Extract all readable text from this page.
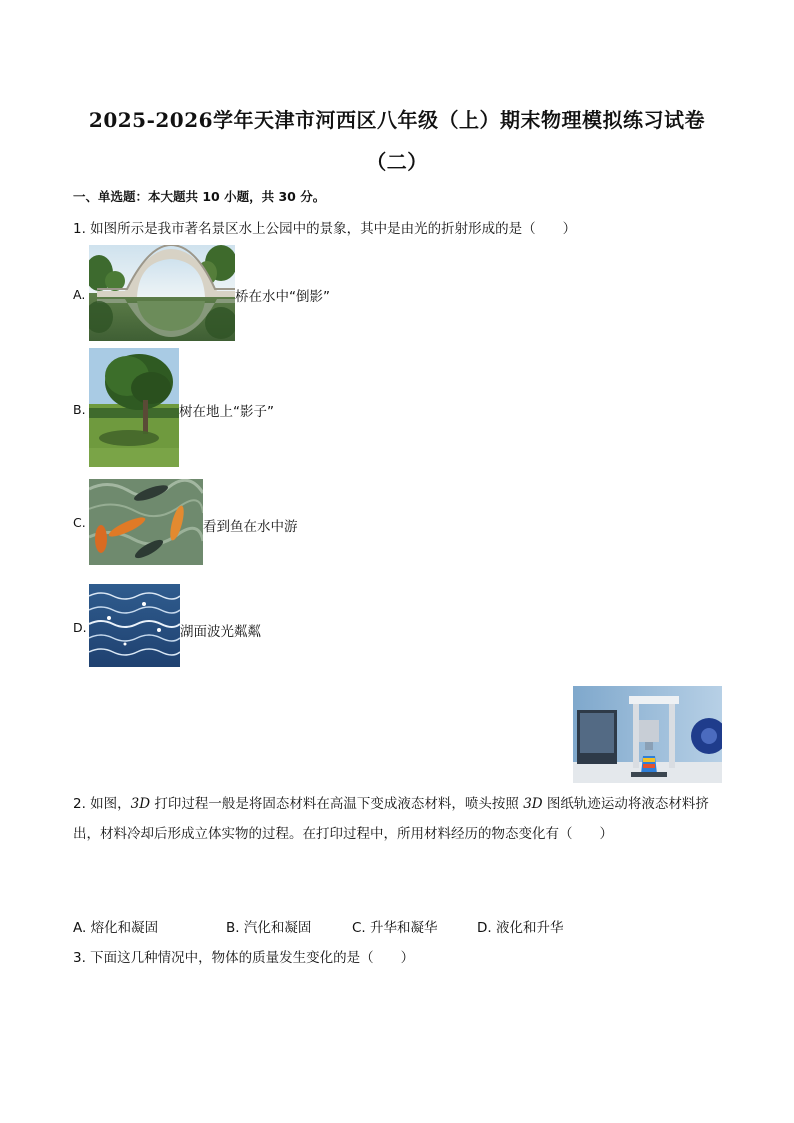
2025-2026学年天津市河西区八年级（上）期末物理模拟练习试卷
（二）
一、单选题：本大题共 10 小题，共 30 分。
1. 如图所示是我市著名景区水上公园中的景象，其中是由光的折射形成的是（　　）
A.	桥在水中“倒影”
B.	树在地上“影子”
C.	看到鱼在水中游
D.	湖面波光粼粼
2. 如图，3D 打印过程一般是将固态材料在高温下变成液态材料，喷头按照 3D 图纸轨迹运动将液态材料挤
出，材料冷却后形成立体实物的过程。在打印过程中，所用材料经历的物态变化有（　　）
A. 熔化和凝固	B. 汽化和凝固	C. 升华和凝华	D. 液化和升华
3. 下面这几种情况中，物体的质量发生变化的是（　　）
